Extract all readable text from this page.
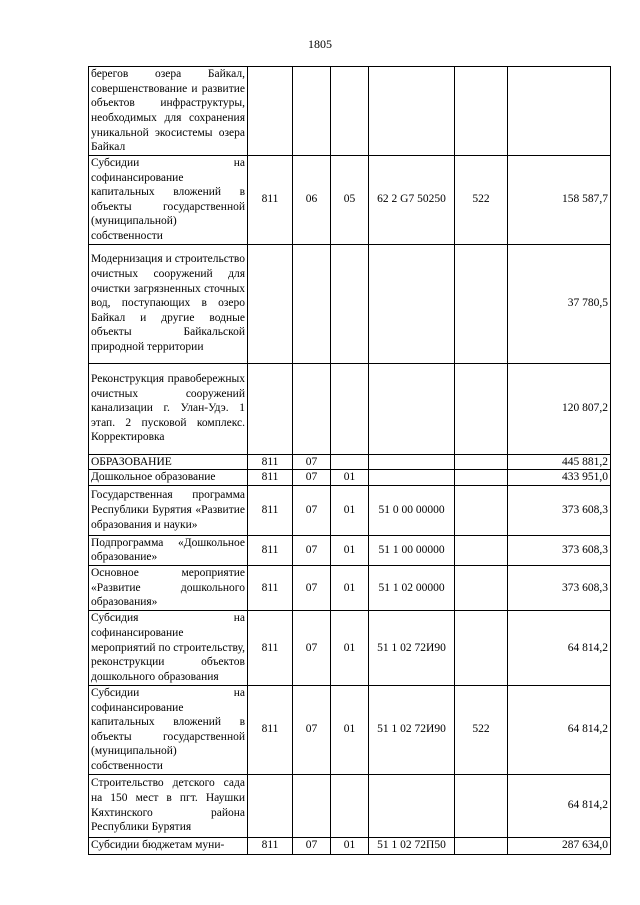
1805
берегов озера Байкал, совершенствование и развитие объектов инфраструктуры, необходимых для сохранения уникальной экосистемы озера Байкал						
Субсидии на софинансирование капитальных вложений в объекты государственной (муниципальной) собственности	811	06	05	62 2 G7 50250	522	158 587,7
Модернизация и строительство очистных сооружений для очистки загрязненных сточных вод, поступающих в озеро Байкал и другие водные объекты Байкальской природной территории						37 780,5
Реконструкция правобережных очистных сооружений канализации г. Улан-Удэ. 1 этап. 2 пусковой комплекс. Корректировка						120 807,2
ОБРАЗОВАНИЕ	811	07				445 881,2
Дошкольное образование	811	07	01			433 951,0
Государственная программа Республики Бурятия «Развитие образования и науки»	811	07	01	51 0 00 00000		373 608,3
Подпрограмма «Дошкольное образование»	811	07	01	51 1 00 00000		373 608,3
Основное мероприятие «Развитие дошкольного образования»	811	07	01	51 1 02 00000		373 608,3
Субсидия на софинансирование мероприятий по строительству, реконструкции объектов дошкольного образования	811	07	01	51 1 02 72И90		64 814,2
Субсидии на софинансирование капитальных вложений в объекты государственной (муниципальной) собственности	811	07	01	51 1 02 72И90	522	64 814,2
Строительство детского сада на 150 мест в пгт. Наушки Кяхтинского района Республики Бурятия						64 814,2
Субсидии бюджетам муни-	811	07	01	51 1 02 72П50		287 634,0
